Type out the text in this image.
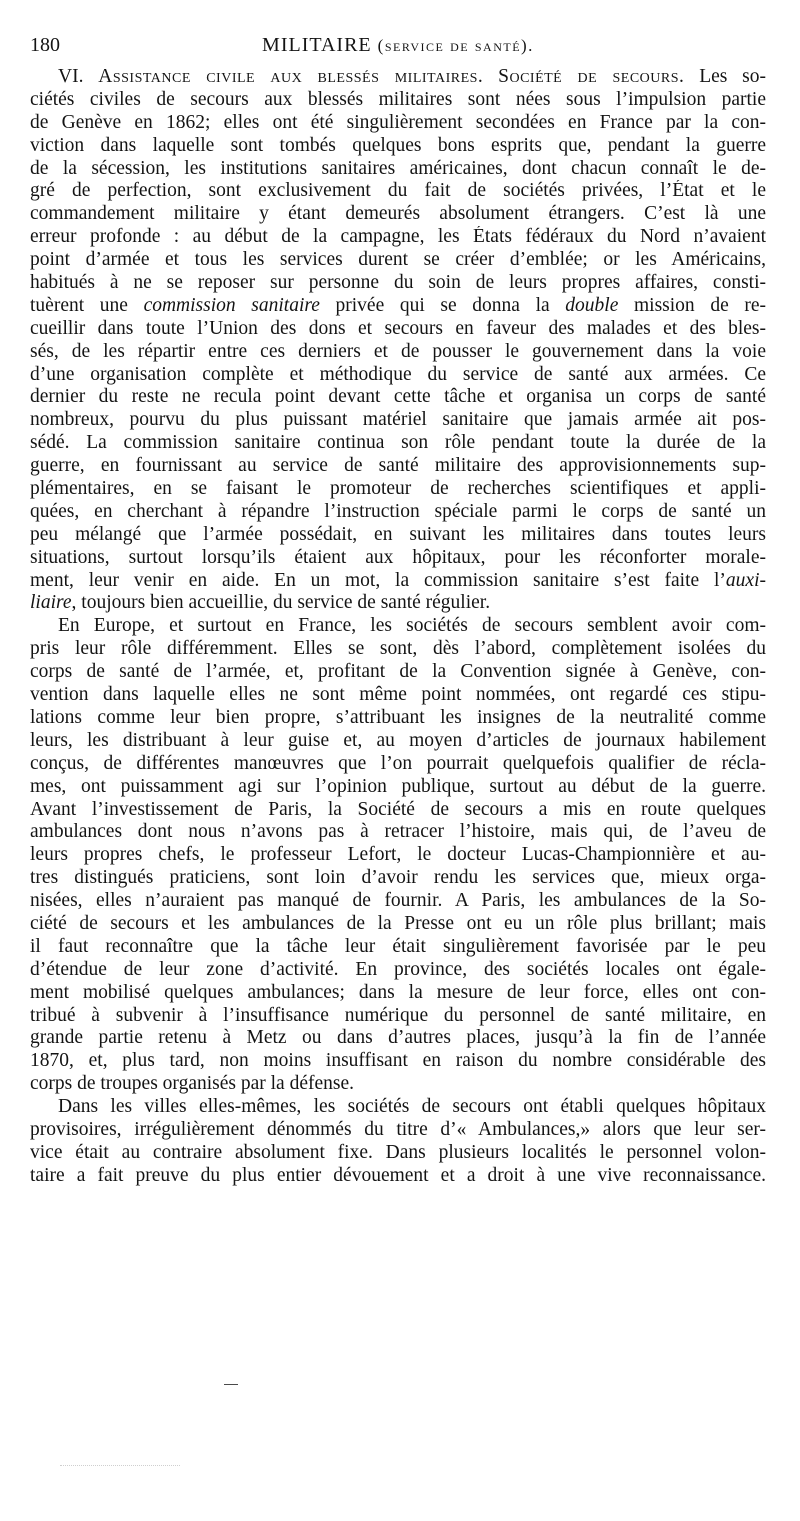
180	MILITAIRE (service de santé).
VI. Assistance civile aux blessés militaires. Société de secours. Les so-
ciétés civiles de secours aux blessés militaires sont nées sous l’impulsion partie
de Genève en 1862; elles ont été singulièrement secondées en France par la con-
viction dans laquelle sont tombés quelques bons esprits que, pendant la guerre
de la sécession, les institutions sanitaires américaines, dont chacun connaît le de-
gré de perfection, sont exclusivement du fait de sociétés privées, l’État et le
commandement militaire y étant demeurés absolument étrangers. C’est là une
erreur profonde : au début de la campagne, les États fédéraux du Nord n’avaient
point d’armée et tous les services durent se créer d’emblée; or les Américains,
habitués à ne se reposer sur personne du soin de leurs propres affaires, consti-
tuèrent une commission sanitaire privée qui se donna la double mission de re-
cueillir dans toute l’Union des dons et secours en faveur des malades et des bles-
sés, de les répartir entre ces derniers et de pousser le gouvernement dans la voie
d’une organisation complète et méthodique du service de santé aux armées. Ce
dernier du reste ne recula point devant cette tâche et organisa un corps de santé
nombreux, pourvu du plus puissant matériel sanitaire que jamais armée ait pos-
sédé. La commission sanitaire continua son rôle pendant toute la durée de la
guerre, en fournissant au service de santé militaire des approvisionnements sup-
plémentaires, en se faisant le promoteur de recherches scientifiques et appli-
quées, en cherchant à répandre l’instruction spéciale parmi le corps de santé un
peu mélangé que l’armée possédait, en suivant les militaires dans toutes leurs
situations, surtout lorsqu’ils étaient aux hôpitaux, pour les réconforter morale-
ment, leur venir en aide. En un mot, la commission sanitaire s’est faite l’auxi-
liaire, toujours bien accueillie, du service de santé régulier.
En Europe, et surtout en France, les sociétés de secours semblent avoir com-
pris leur rôle différemment. Elles se sont, dès l’abord, complètement isolées du
corps de santé de l’armée, et, profitant de la Convention signée à Genève, con-
vention dans laquelle elles ne sont même point nommées, ont regardé ces stipu-
lations comme leur bien propre, s’attribuant les insignes de la neutralité comme
leurs, les distribuant à leur guise et, au moyen d’articles de journaux habilement
conçus, de différentes manœuvres que l’on pourrait quelquefois qualifier de récla-
mes, ont puissamment agi sur l’opinion publique, surtout au début de la guerre.
Avant l’investissement de Paris, la Société de secours a mis en route quelques
ambulances dont nous n’avons pas à retracer l’histoire, mais qui, de l’aveu de
leurs propres chefs, le professeur Lefort, le docteur Lucas-Championnière et au-
tres distingués praticiens, sont loin d’avoir rendu les services que, mieux orga-
nisées, elles n’auraient pas manqué de fournir. A Paris, les ambulances de la So-
ciété de secours et les ambulances de la Presse ont eu un rôle plus brillant; mais
il faut reconnaître que la tâche leur était singulièrement favorisée par le peu
d’étendue de leur zone d’activité. En province, des sociétés locales ont égale-
ment mobilisé quelques ambulances; dans la mesure de leur force, elles ont con-
tribué à subvenir à l’insuffisance numérique du personnel de santé militaire, en
grande partie retenu à Metz ou dans d’autres places, jusqu’à la fin de l’année
1870, et, plus tard, non moins insuffisant en raison du nombre considérable des
corps de troupes organisés par la défense.
Dans les villes elles-mêmes, les sociétés de secours ont établi quelques hôpitaux
provisoires, irrégulièrement dénommés du titre d’« Ambulances,» alors que leur ser-
vice était au contraire absolument fixe. Dans plusieurs localités le personnel volon-
taire a fait preuve du plus entier dévouement et a droit à une vive reconnaissance.
